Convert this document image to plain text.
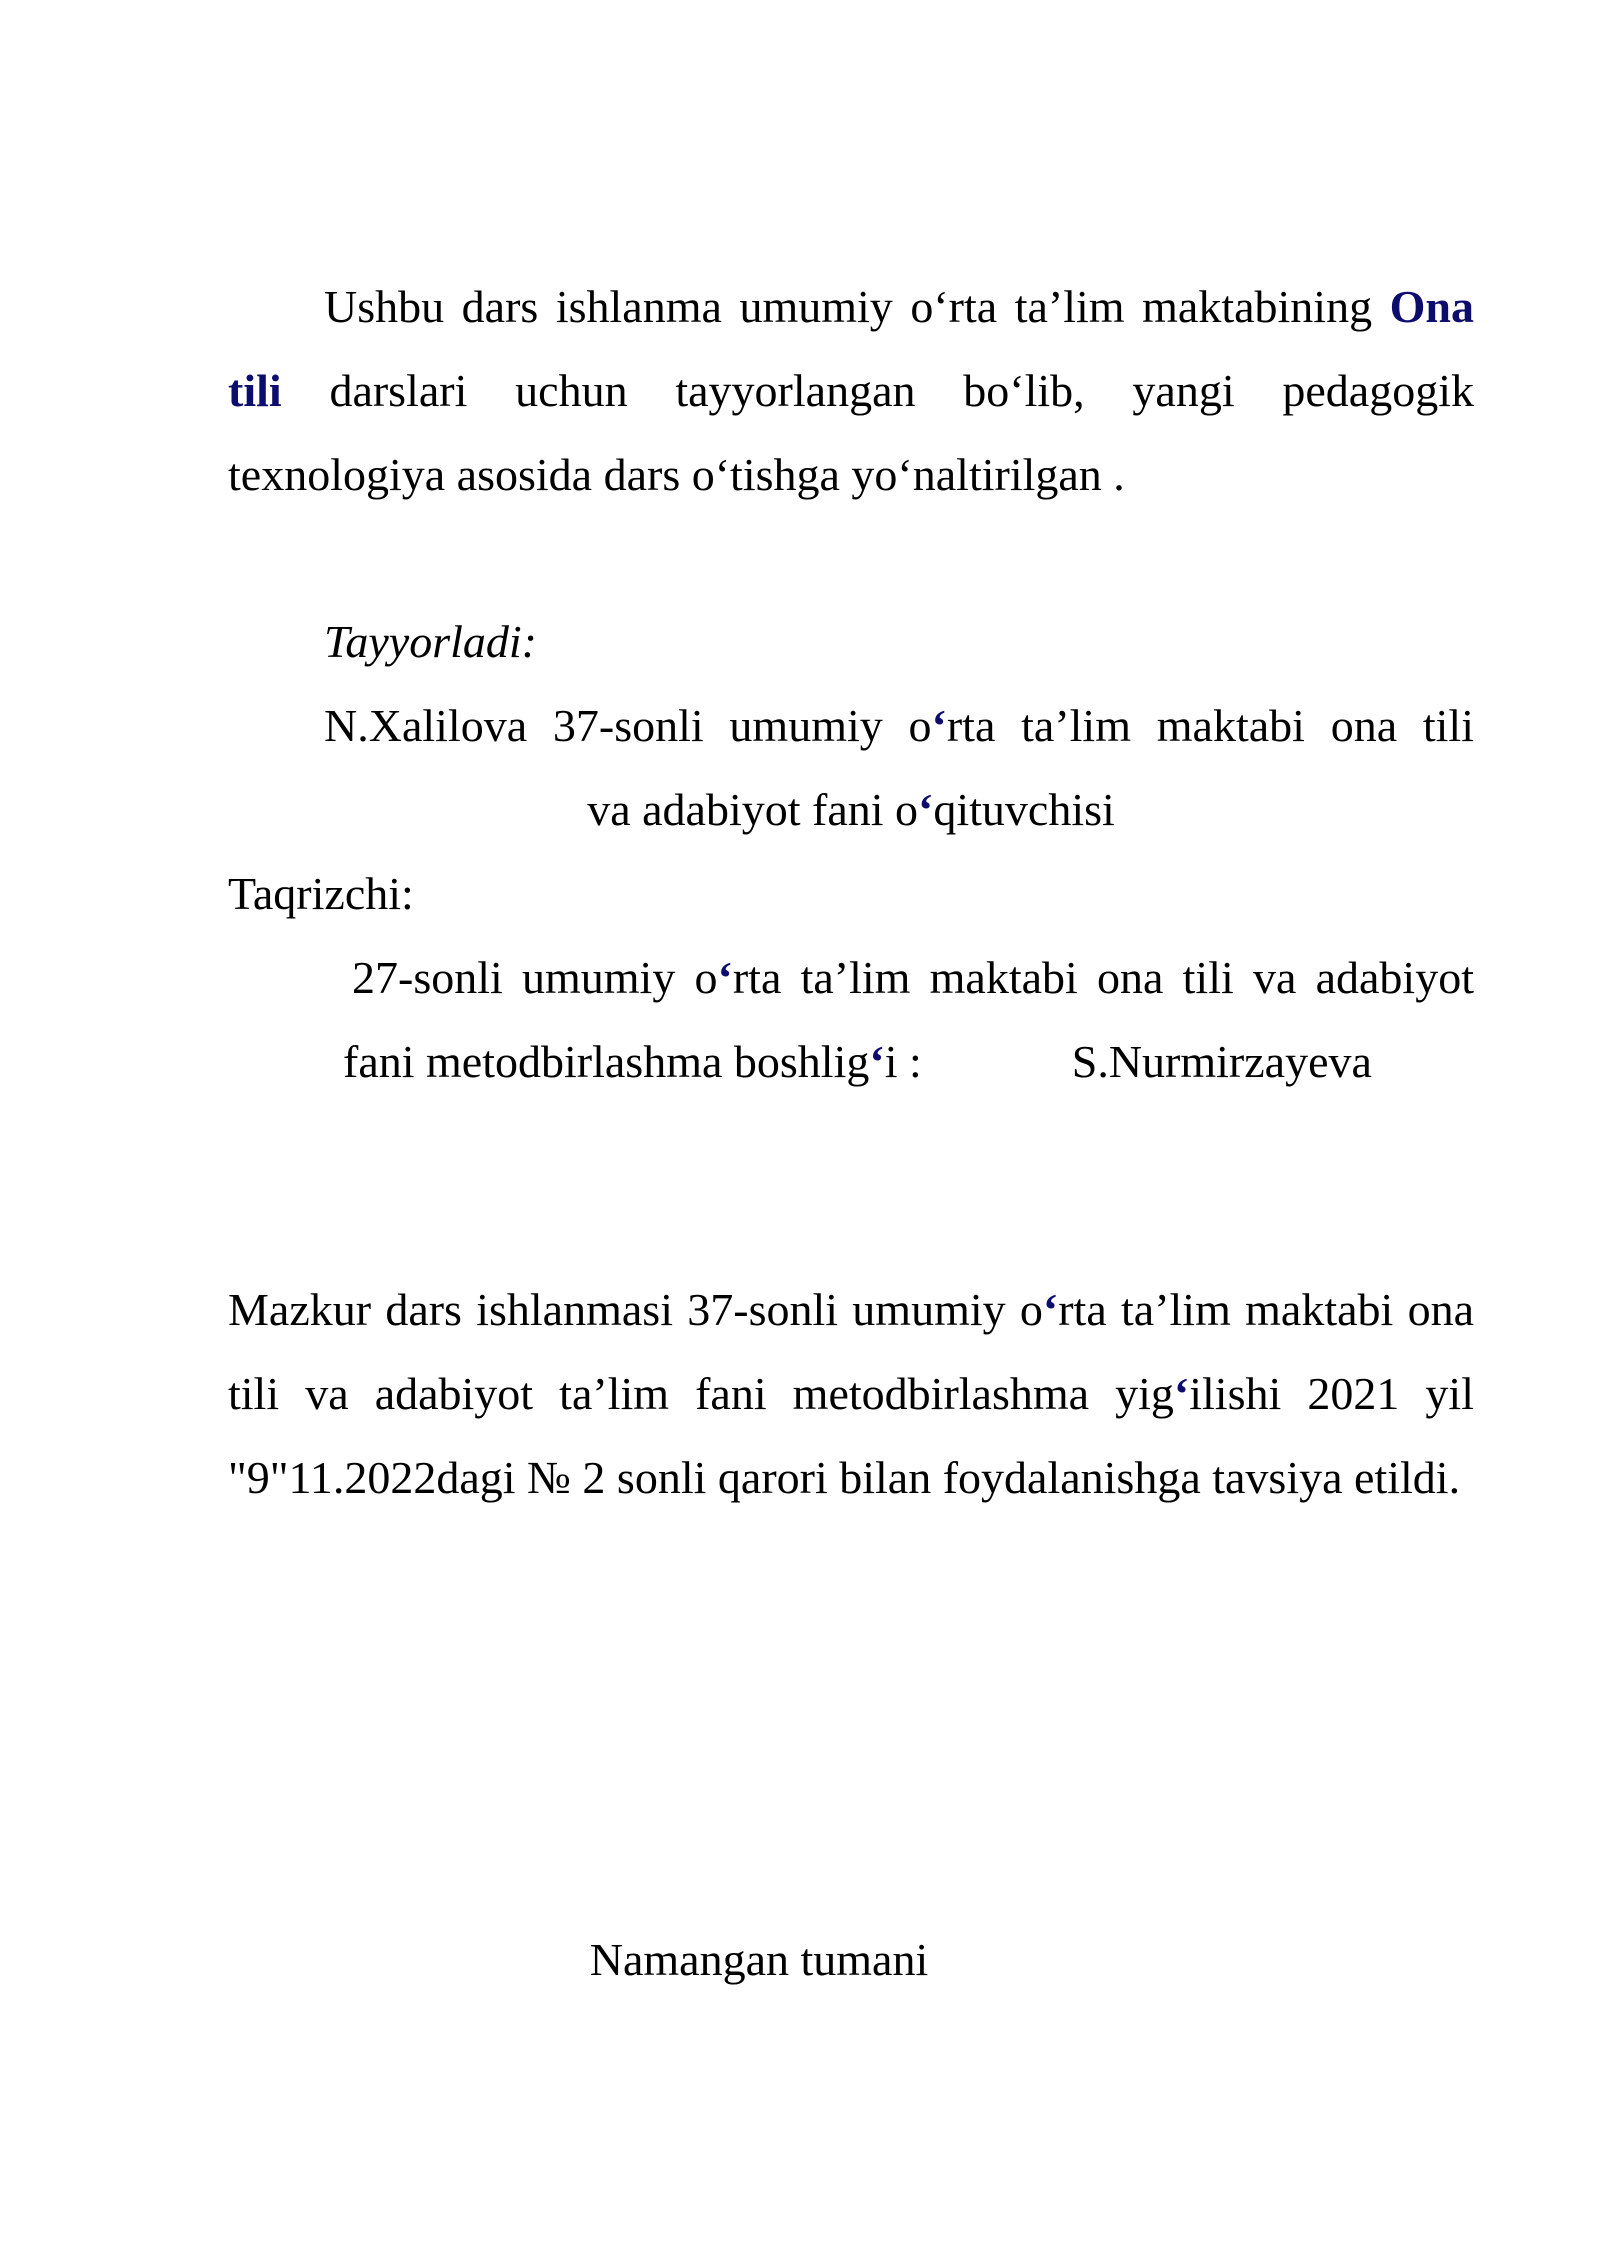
Ushbu dars ishlanma umumiy o‘rta ta’lim maktabining Ona tili darslari uchun tayyorlangan bo‘lib, yangi pedagogik texnologiya asosida dars o‘tishga yo‘naltirilgan .

Tayyorladi:

N.Xalilova 37-sonli umumiy o‘rta ta’lim maktabi ona tili
va adabiyot fani o‘qituvchisi

Taqrizchi:

27-sonli umumiy o‘rta ta’lim maktabi ona tili va adabiyot
fani metodbirlashma boshlig‘i :	S.Nurmirzayeva

Mazkur dars ishlanmasi 37-sonli umumiy o‘rta ta’lim maktabi ona tili va adabiyot ta’lim fani metodbirlashma yig‘ilishi 2021 yil "9"11.2022dagi № 2 sonli qarori bilan foydalanishga tavsiya etildi.

Namangan tumani
